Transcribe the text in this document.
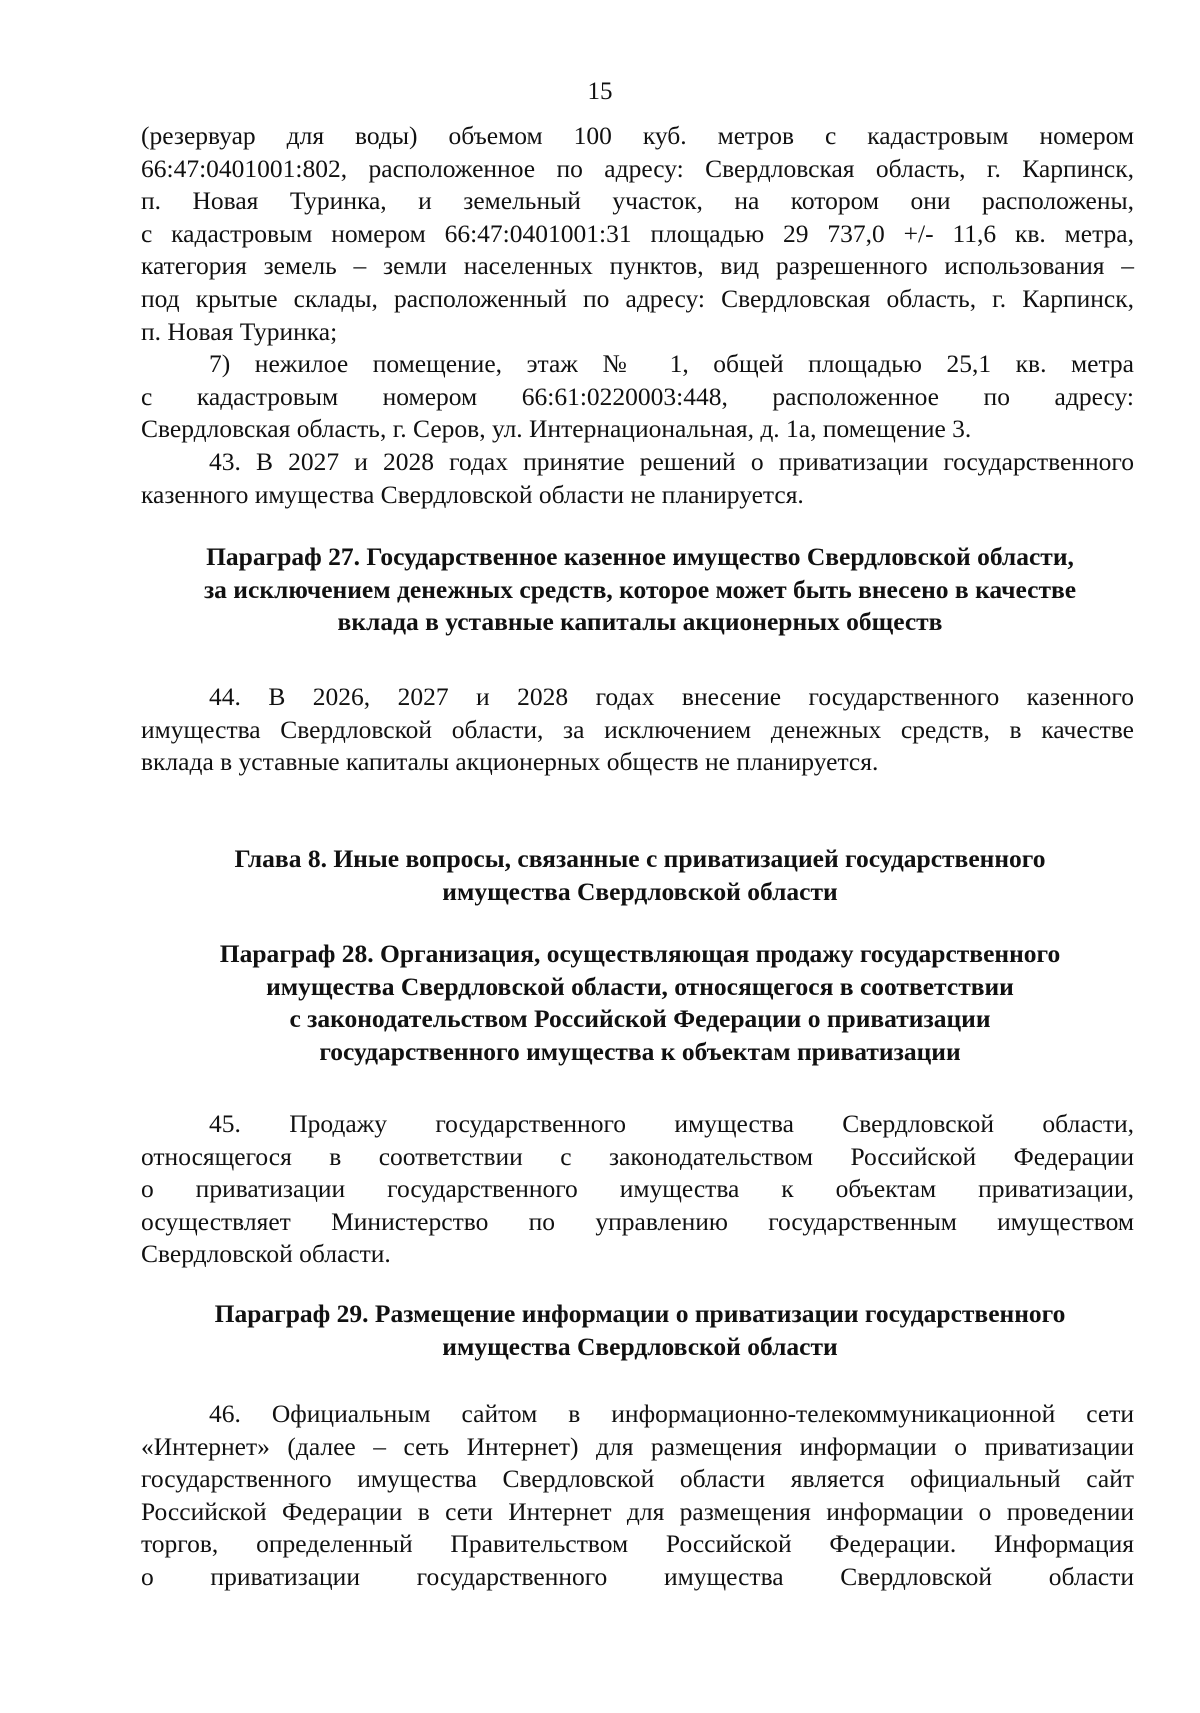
15
(резервуар для воды) объемом 100 куб. метров с кадастровым номером
66:47:0401001:802, расположенное по адресу: Свердловская область, г. Карпинск,
п. Новая Туринка, и земельный участок, на котором они расположены,
с кадастровым номером 66:47:0401001:31 площадью 29 737,0 +/- 11,6 кв. метра,
категория земель – земли населенных пунктов, вид разрешенного использования –
под крытые склады, расположенный по адресу: Свердловская область, г. Карпинск,
п. Новая Туринка;
7) нежилое помещение, этаж № 1, общей площадью 25,1 кв. метра
с кадастровым номером 66:61:0220003:448, расположенное по адресу:
Свердловская область, г. Серов, ул. Интернациональная, д. 1а, помещение 3.
43. В 2027 и 2028 годах принятие решений о приватизации государственного
казенного имущества Свердловской области не планируется.
Параграф 27. Государственное казенное имущество Свердловской области,
за исключением денежных средств, которое может быть внесено в качестве
вклада в уставные капиталы акционерных обществ
44. В 2026, 2027 и 2028 годах внесение государственного казенного
имущества Свердловской области, за исключением денежных средств, в качестве
вклада в уставные капиталы акционерных обществ не планируется.
Глава 8. Иные вопросы, связанные с приватизацией государственного
имущества Свердловской области
Параграф 28. Организация, осуществляющая продажу государственного
имущества Свердловской области, относящегося в соответствии
с законодательством Российской Федерации о приватизации
государственного имущества к объектам приватизации
45. Продажу государственного имущества Свердловской области,
относящегося в соответствии с законодательством Российской Федерации
о приватизации государственного имущества к объектам приватизации,
осуществляет Министерство по управлению государственным имуществом
Свердловской области.
Параграф 29. Размещение информации о приватизации государственного
имущества Свердловской области
46. Официальным сайтом в информационно-телекоммуникационной сети
«Интернет» (далее – сеть Интернет) для размещения информации о приватизации
государственного имущества Свердловской области является официальный сайт
Российской Федерации в сети Интернет для размещения информации о проведении
торгов, определенный Правительством Российской Федерации. Информация
о приватизации государственного имущества Свердловской области
